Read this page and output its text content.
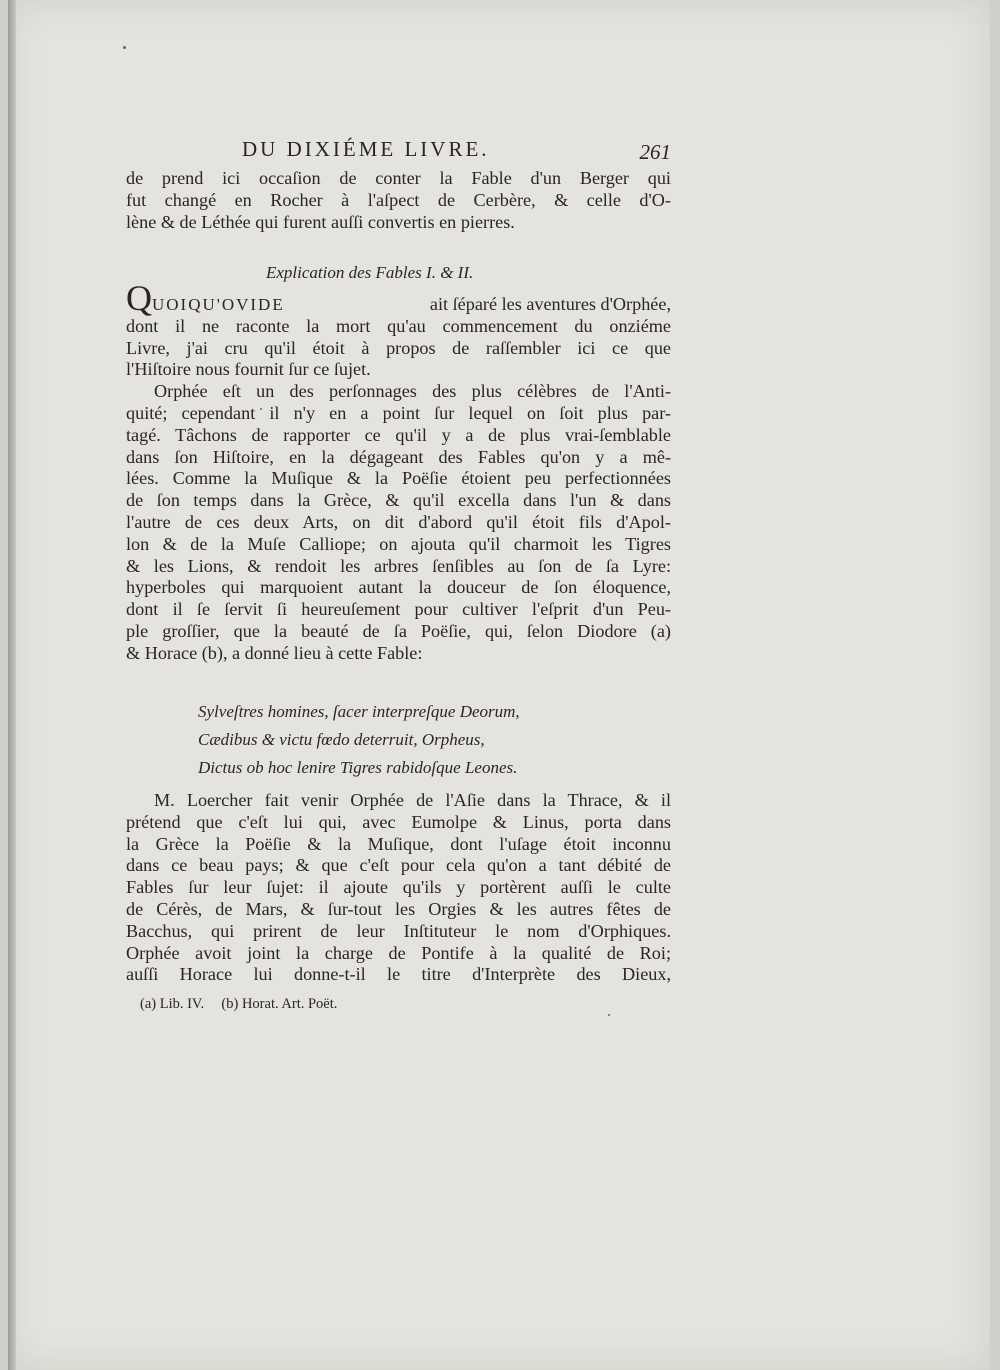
DU DIXIÉME LIVRE.	261
de prend ici occaſion de conter la Fable d'un Berger qui
fut changé en Rocher à l'aſpect de Cerbère, & celle d'O-
lène & de Léthée qui furent auſſi convertis en pierres.
Explication des Fables I. & II.
QUOIQU'OVIDE	ait ſéparé les aventures d'Orphée,
dont il ne raconte la mort qu'au commencement du onziéme
Livre, j'ai cru qu'il étoit à propos de raſſembler ici ce que
l'Hiſtoire nous fournit ſur ce ſujet.
Orphée eſt un des perſonnages des plus célèbres de l'Anti-
quité; cependant il n'y en a point ſur lequel on ſoit plus par-
tagé. Tâchons de rapporter ce qu'il y a de plus vrai-ſemblable
dans ſon Hiſtoire, en la dégageant des Fables qu'on y a mê-
lées. Comme la Muſique & la Poëſie étoient peu perfectionnées
de ſon temps dans la Grèce, & qu'il excella dans l'un & dans
l'autre de ces deux Arts, on dit d'abord qu'il étoit fils d'Apol-
lon & de la Muſe Calliope; on ajouta qu'il charmoit les Tigres
& les Lions, & rendoit les arbres ſenſibles au ſon de ſa Lyre:
hyperboles qui marquoient autant la douceur de ſon éloquence,
dont il ſe ſervit ſi heureuſement pour cultiver l'eſprit d'un Peu-
ple groſſier, que la beauté de ſa Poëſie, qui, ſelon Diodore (a)
& Horace (b), a donné lieu à cette Fable:
Sylveſtres homines, ſacer interpreſque Deorum,
Cædibus & victu fœdo deterruit, Orpheus,
Dictus ob hoc lenire Tigres rabidoſque Leones.
M. Loercher fait venir Orphée de l'Aſie dans la Thrace, & il
prétend que c'eſt lui qui, avec Eumolpe & Linus, porta dans
la Grèce la Poëſie & la Muſique, dont l'uſage étoit inconnu
dans ce beau pays; & que c'eſt pour cela qu'on a tant débité de
Fables ſur leur ſujet: il ajoute qu'ils y portèrent auſſi le culte
de Cérès, de Mars, & ſur-tout les Orgies & les autres fêtes de
Bacchus, qui prirent de leur Inſtituteur le nom d'Orphiques.
Orphée avoit joint la charge de Pontife à la qualité de Roi;
auſſi Horace lui donne-t-il le titre d'Interprète des Dieux,
(a) Lib. IV. (b) Horat. Art. Poët.
